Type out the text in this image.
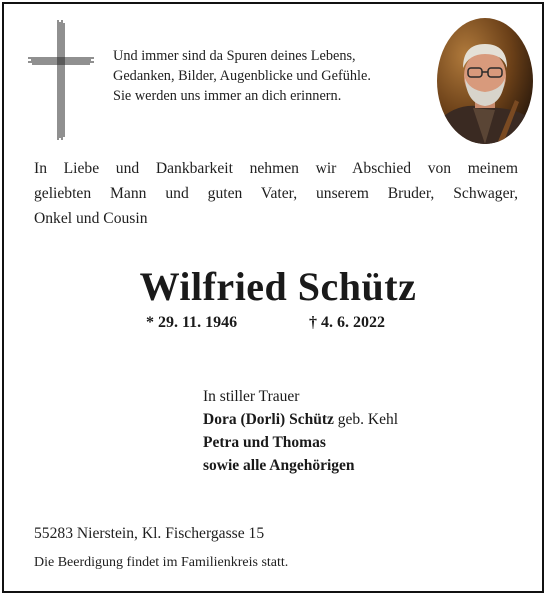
Und immer sind da Spuren deines Lebens,
Gedanken, Bilder, Augenblicke und Gefühle.
Sie werden uns immer an dich erinnern.
In Liebe und Dankbarkeit nehmen wir Abschied von meinem
geliebten Mann und guten Vater, unserem Bruder, Schwager,
Onkel und Cousin
Wilfried Schütz
* 29. 11. 1946	† 4. 6. 2022
In stiller Trauer
Dora (Dorli) Schütz geb. Kehl
Petra und Thomas
sowie alle Angehörigen
55283 Nierstein, Kl. Fischergasse 15
Die Beerdigung findet im Familienkreis statt.
